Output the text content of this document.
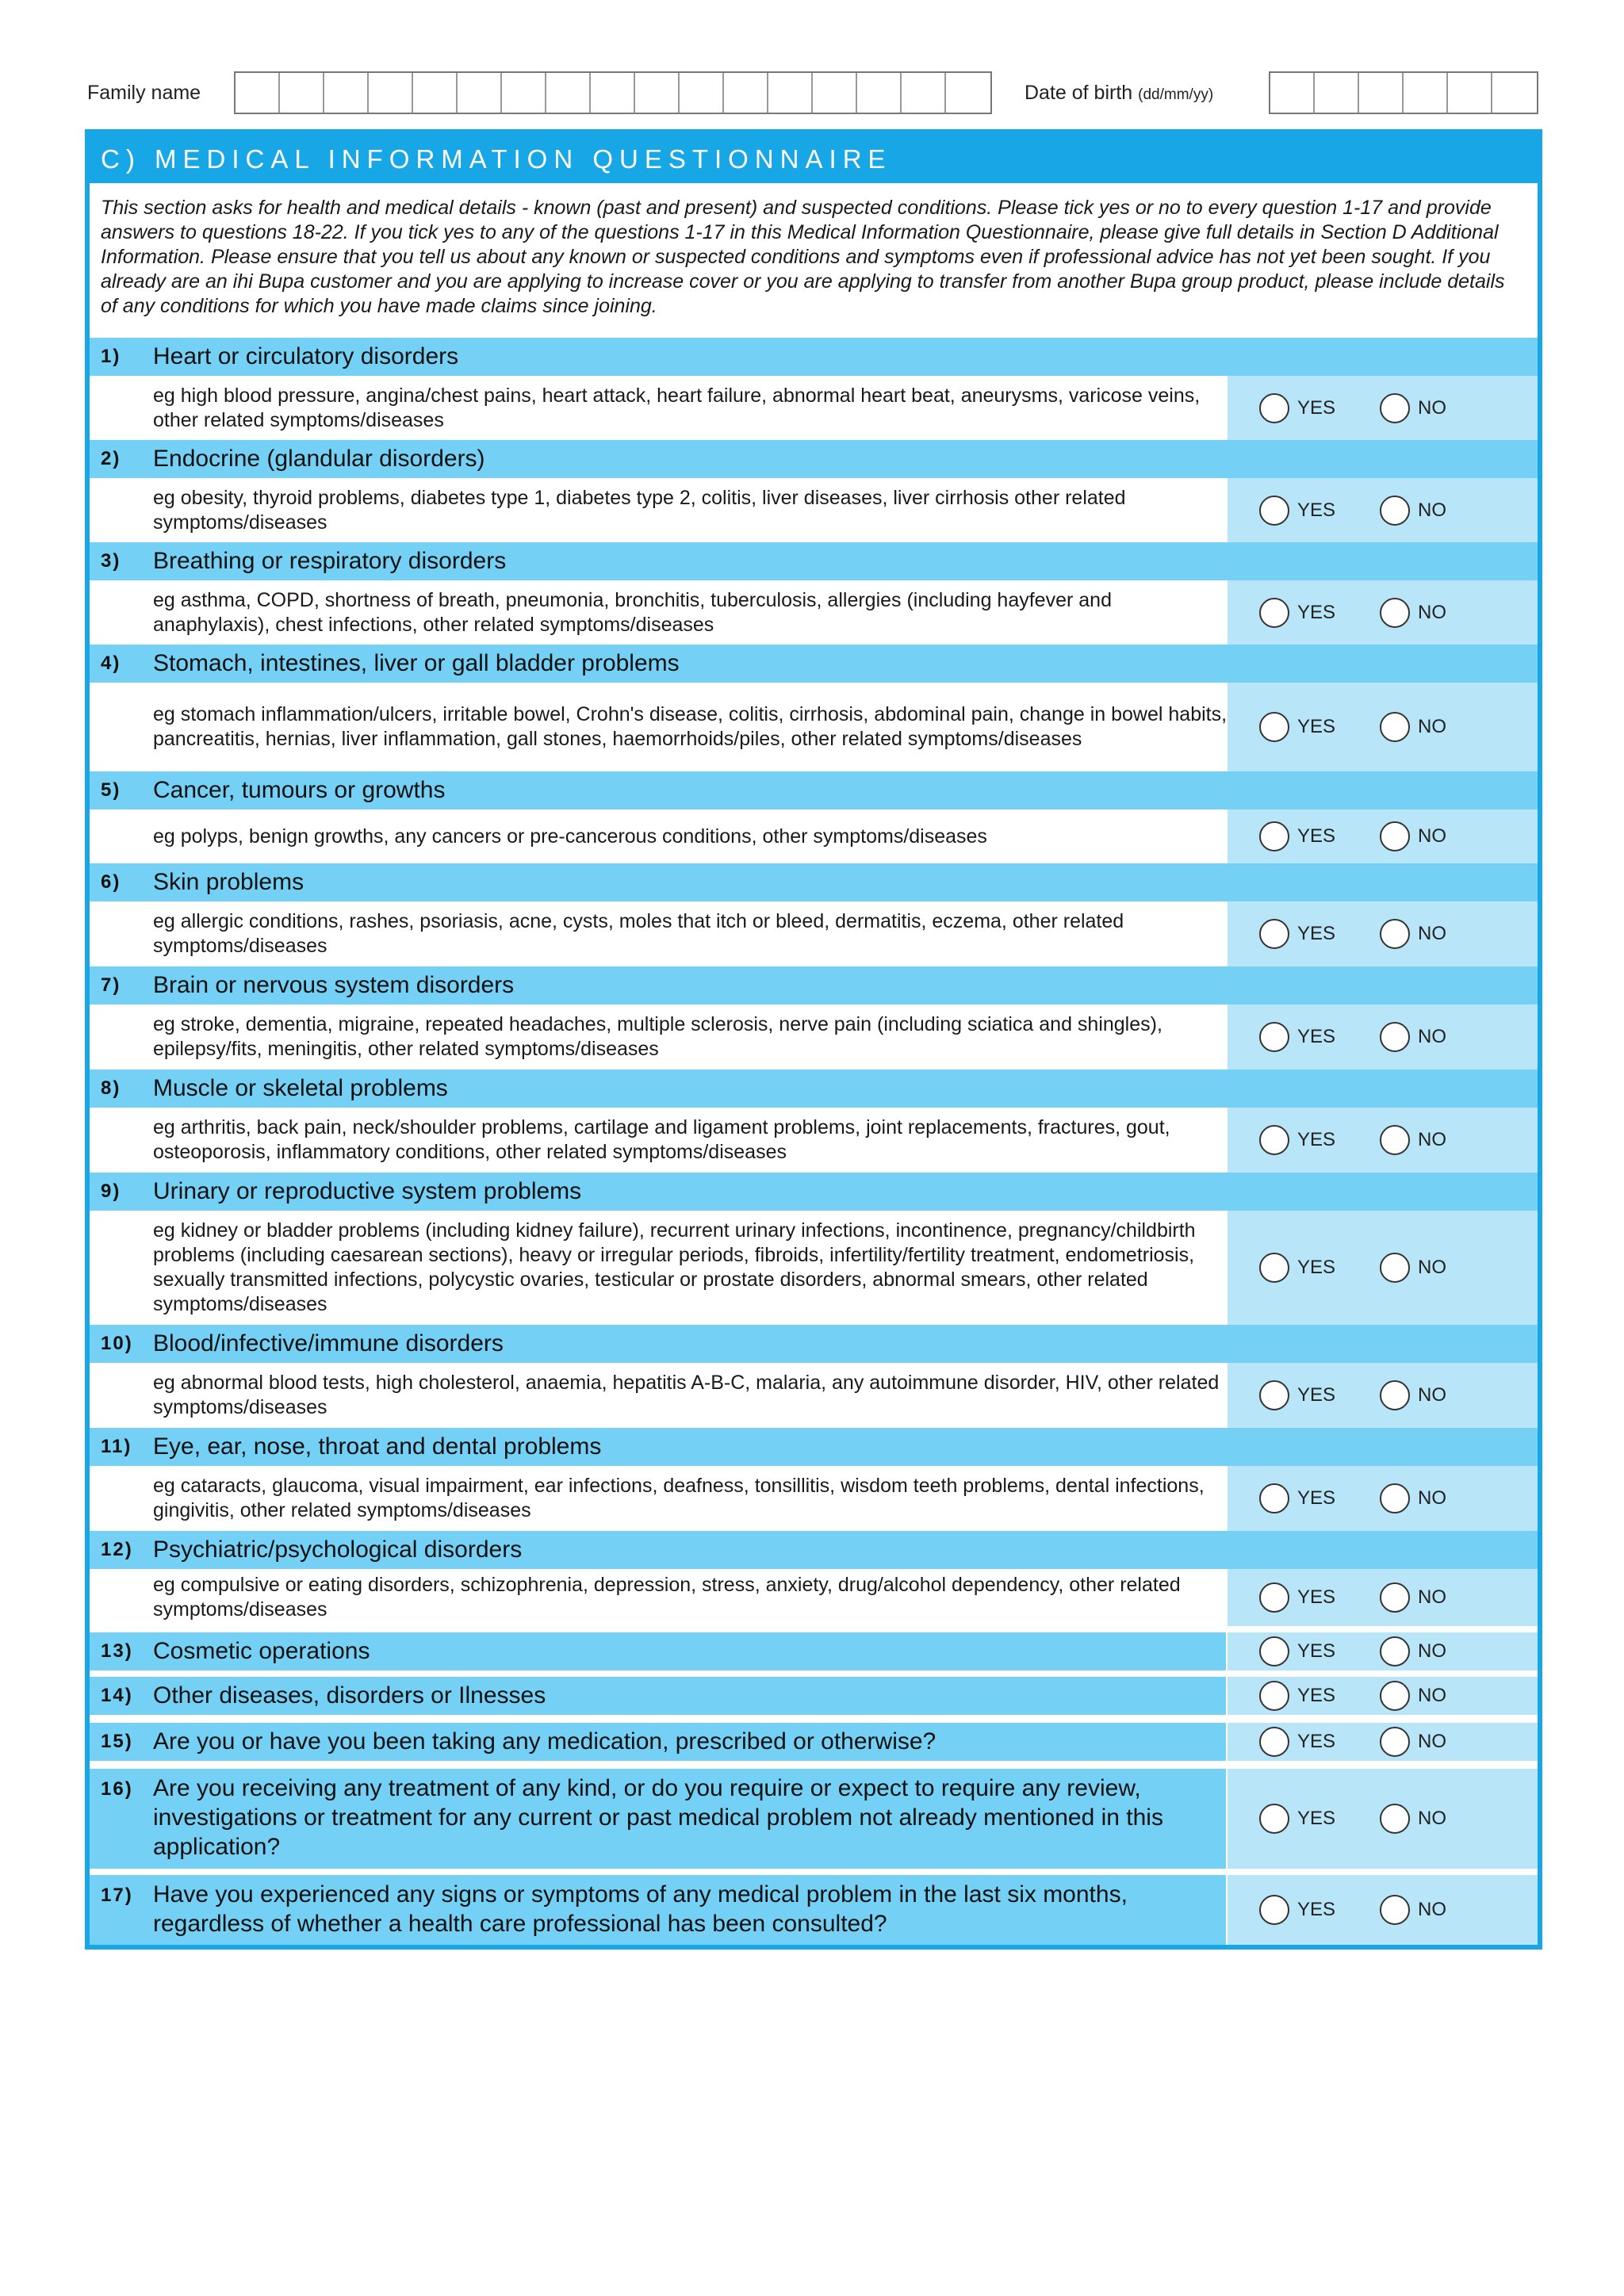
Family name	Date of birth (dd/mm/yy)
C) MEDICAL INFORMATION QUESTIONNAIRE
This section asks for health and medical details - known (past and present) and suspected conditions. Please tick yes or no to every question 1-17 and provide answers to questions 18-22. If you tick yes to any of the questions 1-17 in this Medical Information Questionnaire, please give full details in Section D Additional Information. Please ensure that you tell us about any known or suspected conditions and symptoms even if professional advice has not yet been sought. If you already are an ihi Bupa customer and you are applying to increase cover or you are applying to transfer from another Bupa group product, please include details of any conditions for which you have made claims since joining.
1) Heart or circulatory disorders
eg high blood pressure, angina/chest pains, heart attack, heart failure, abnormal heart beat, aneurysms, varicose veins, other related symptoms/diseases
YES	NO
2) Endocrine (glandular disorders)
eg obesity, thyroid problems, diabetes type 1, diabetes type 2, colitis, liver diseases, liver cirrhosis other related symptoms/diseases
YES	NO
3) Breathing or respiratory disorders
eg asthma, COPD, shortness of breath, pneumonia, bronchitis, tuberculosis, allergies (including hayfever and anaphylaxis), chest infections, other related symptoms/diseases
YES	NO
4) Stomach, intestines, liver or gall bladder problems
eg stomach inflammation/ulcers, irritable bowel, Crohn's disease, colitis, cirrhosis, abdominal pain, change in bowel habits, pancreatitis, hernias, liver inflammation, gall stones, haemorrhoids/piles, other related symptoms/diseases
YES	NO
5) Cancer, tumours or growths
eg polyps, benign growths, any cancers or pre-cancerous conditions, other symptoms/diseases	YES	NO
6) Skin problems
eg allergic conditions, rashes, psoriasis, acne, cysts, moles that itch or bleed, dermatitis, eczema, other related symptoms/diseases
YES	NO
7) Brain or nervous system disorders
eg stroke, dementia, migraine, repeated headaches, multiple sclerosis, nerve pain (including sciatica and shingles), epilepsy/fits, meningitis, other related symptoms/diseases
YES	NO
8) Muscle or skeletal problems
eg arthritis, back pain, neck/shoulder problems, cartilage and ligament problems, joint replacements, fractures, gout, osteoporosis, inflammatory conditions, other related symptoms/diseases
YES	NO
9) Urinary or reproductive system problems
eg kidney or bladder problems (including kidney failure), recurrent urinary infections, incontinence, pregnancy/childbirth problems (including caesarean sections), heavy or irregular periods, fibroids, infertility/fertility treatment, endometriosis, sexually transmitted infections, polycystic ovaries, testicular or prostate disorders, abnormal smears, other related symptoms/diseases
YES	NO
10) Blood/infective/immune disorders
eg abnormal blood tests, high cholesterol, anaemia, hepatitis A-B-C, malaria, any autoimmune disorder, HIV, other related symptoms/diseases
YES	NO
11) Eye, ear, nose, throat and dental problems
eg cataracts, glaucoma, visual impairment, ear infections, deafness, tonsillitis, wisdom teeth problems, dental infections, gingivitis, other related symptoms/diseases
YES	NO
12) Psychiatric/psychological disorders
eg compulsive or eating disorders, schizophrenia, depression, stress, anxiety, drug/alcohol dependency, other related symptoms/diseases
YES	NO
13) Cosmetic operations	YES	NO
14) Other diseases, disorders or Ilnesses	YES	NO
15) Are you or have you been taking any medication, prescribed or otherwise?	YES	NO
16) Are you receiving any treatment of any kind, or do you require or expect to require any review, investigations or treatment for any current or past medical problem not already mentioned in this application?
YES	NO
17) Have you experienced any signs or symptoms of any medical problem in the last six months, regardless of whether a health care professional has been consulted?
YES	NO
